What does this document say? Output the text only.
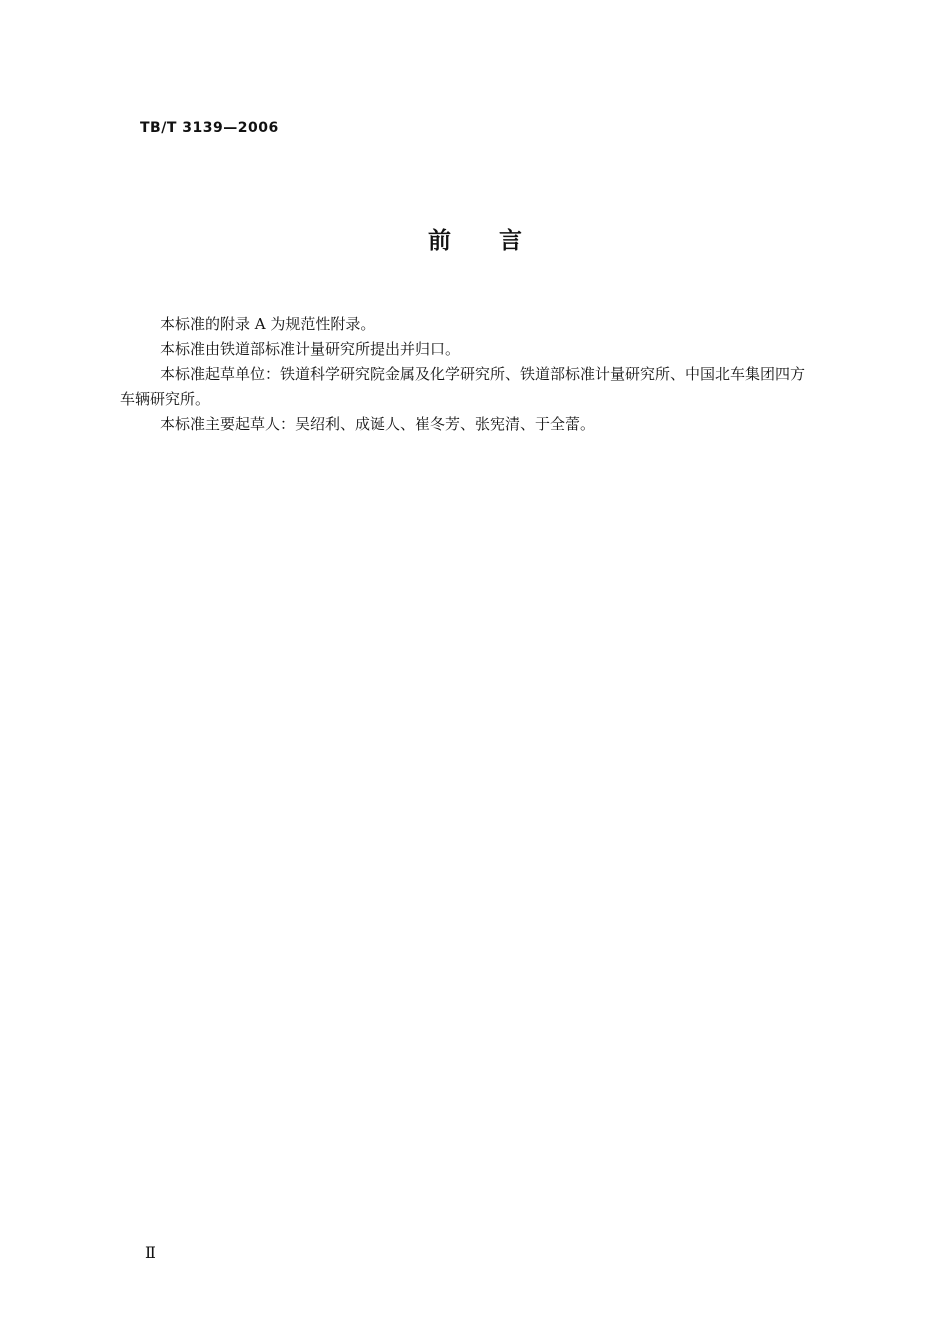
TB/T 3139—2006
前言

本标准的附录 A 为规范性附录。

本标准由铁道部标准计量研究所提出并归口。

本标准起草单位：铁道科学研究院金属及化学研究所、铁道部标准计量研究所、中国北车集团四方
车辆研究所。

本标准主要起草人：吴绍利、成诞人、崔冬芳、张宪清、于全蕾。

Ⅱ
